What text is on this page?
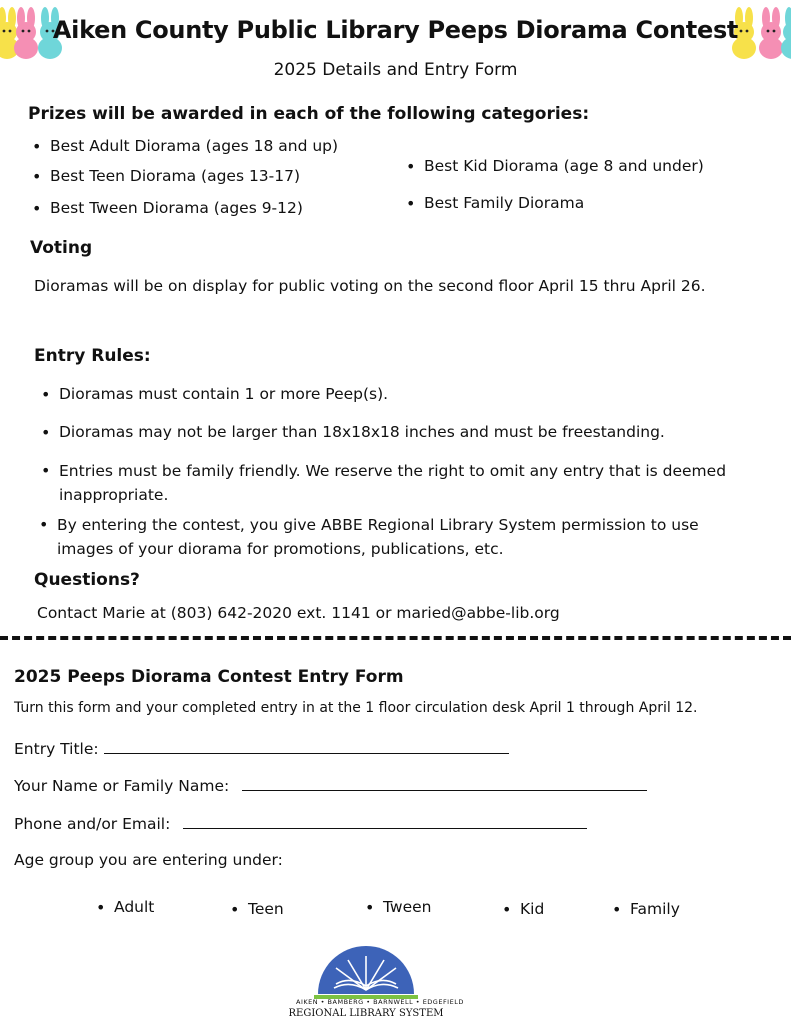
Aiken County Public Library Peeps Diorama Contest
2025 Details and Entry Form
Prizes will be awarded in each of the following categories:
• Best Adult Diorama (ages 18 and up)
• Best Teen Diorama (ages 13-17)
• Best Tween Diorama (ages 9-12)
• Best Kid Diorama (age 8 and under)
• Best Family Diorama
Voting
Dioramas will be on display for public voting on the second floor April 15 thru April 26.
Entry Rules:
• Dioramas must contain 1 or more Peep(s).
• Dioramas may not be larger than 18x18x18 inches and must be freestanding.
• Entries must be family friendly. We reserve the right to omit any entry that is deemed inappropriate.
• By entering the contest, you give ABBE Regional Library System permission to use images of your diorama for promotions, publications, etc.
Questions?
Contact Marie at (803) 642-2020 ext. 1141 or maried@abbe-lib.org
2025 Peeps Diorama Contest Entry Form
Turn this form and your completed entry in at the 1 floor circulation desk April 1 through April 12.
Entry Title:
Your Name or Family Name:
Phone and/or Email:
Age group you are entering under:
• Adult	• Teen	• Tween	• Kid	• Family
AIKEN • BAMBERG • BARNWELL • EDGEFIELD
REGIONAL LIBRARY SYSTEM
